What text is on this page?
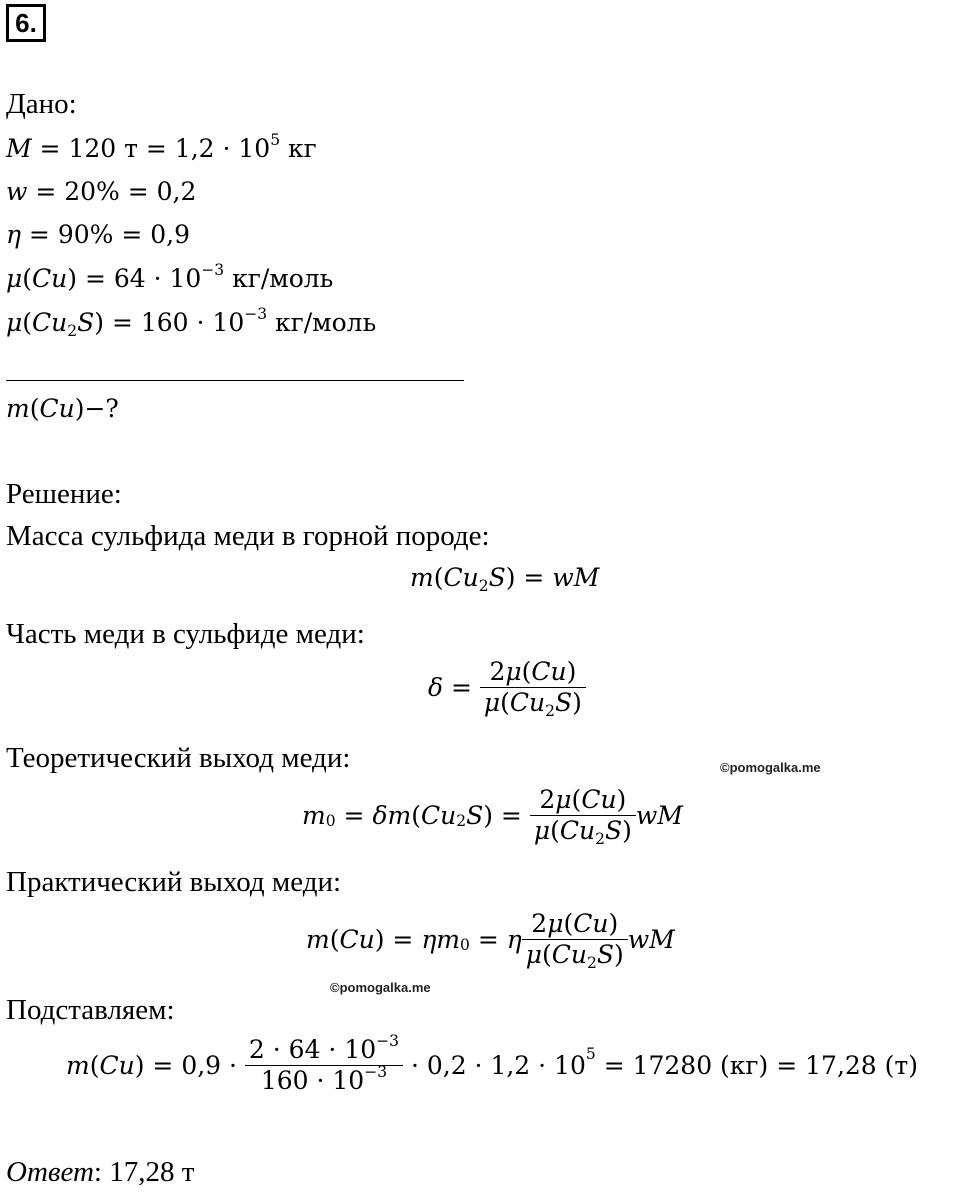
6.
Дано:
M = 120 $т = 1,2 \cdot 10^5$ кг
w = 20% = 0,2
η = 90% = 0,9
$\mu(Cu) = 64 \cdot 10^{-3}$ кг/моль
$\mu(Cu_2S) = 160 \cdot 10^{-3}$ кг/моль
m(Cu)−?
Решение:
Масса сульфида меди в горной породе:
$m(Cu_2S)$ = wM
Часть меди в сульфиде меди:
$\delta = \frac{2\mu(Cu)}{\mu(Cu_2S)}$
Теоретический выход меди:	©pomogalka.me
$m_0 = \delta m$ ( $Cu_2$ S ) = $\frac{2\mu(Cu)}{\mu(Cu_2S)}$ wM
Практический выход меди:
m ( Cu ) = $\eta m_0 = \eta \frac{2\mu(Cu)}{\mu(Cu_2S)}$ wM
©pomogalka.me
Подставляем:
m ( Cu ) = $0,9 \cdot \frac{2 \cdot 64 \cdot 10^{-3}}{160 \cdot 10^{-3}} \cdot 0,2 \cdot 1,2 \cdot 10^5$
= 17280 (кг) = 17,28 (т)
Ответ: 17,28 т
